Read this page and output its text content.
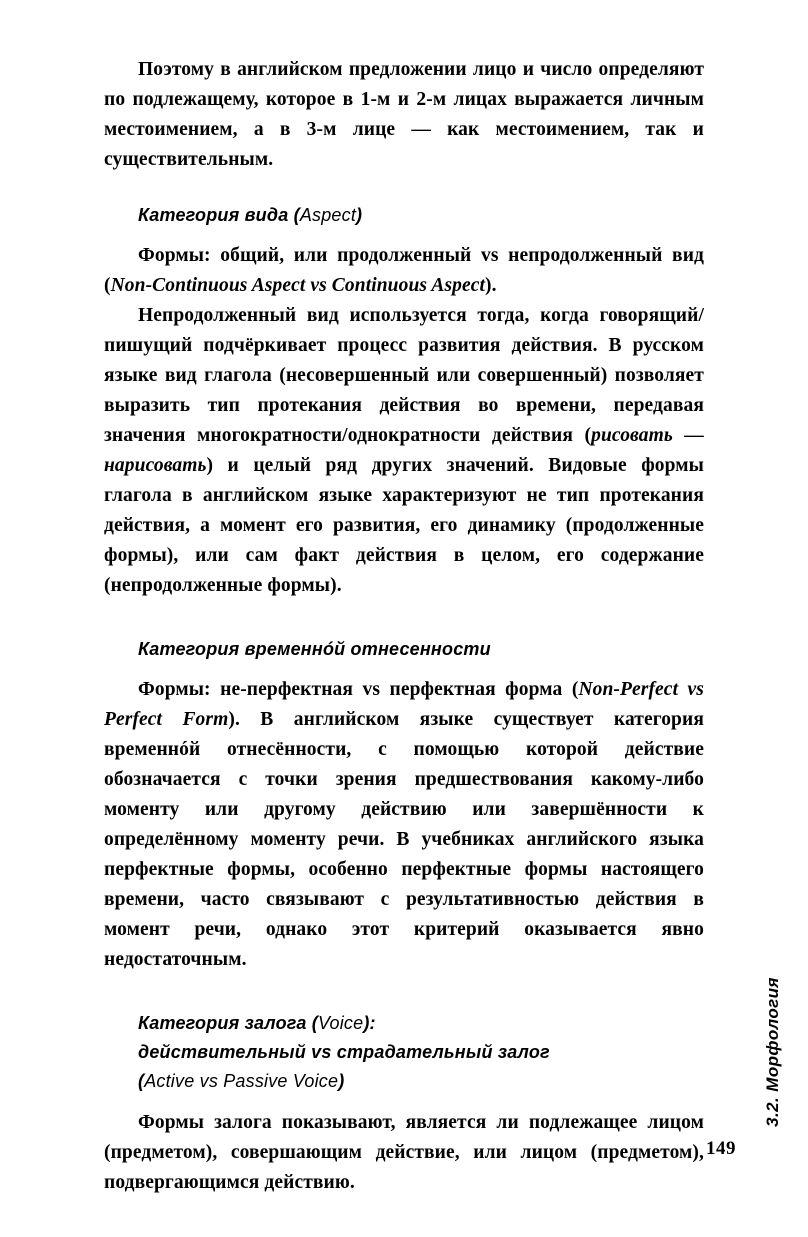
Поэтому в английском предложении лицо и число определяют по подлежащему, которое в 1-м и 2-м лицах выражается личным местоимением, а в 3-м лице — как местоимением, так и существительным.

Категория вида (Aspect)

Формы: общий, или продолженный vs непродолженный вид (Non-Continuous Aspect vs Continuous Aspect).

Непродолженный вид используется тогда, когда говорящий/пишущий подчёркивает процесс развития действия. В русском языке вид глагола (несовершенный или совершенный) позволяет выразить тип протекания действия во времени, передавая значения многократности/однократности действия (рисовать — нарисовать) и целый ряд других значений. Видовые формы глагола в английском языке характеризуют не тип протекания действия, а момент его развития, его динамику (продолженные формы), или сам факт действия в целом, его содержание (непродолженные формы).

Категория временнóй отнесенности

Формы: не-перфектная vs перфектная форма (Non-Perfect vs Perfect Form). В английском языке существует категория временнóй отнесённости, с помощью которой действие обозначается с точки зрения предшествования какому-либо моменту или другому действию или завершённости к определённому моменту речи. В учебниках английского языка перфектные формы, особенно перфектные формы настоящего времени, часто связывают с результативностью действия в момент речи, однако этот критерий оказывается явно недостаточным.

Категория залога (Voice):
действительный vs страдательный залог
(Active vs Passive Voice)

Формы залога показывают, является ли подлежащее лицом (предметом), совершающим действие, или лицом (предметом), подвергающимся действию.

3.2. Морфология
149
